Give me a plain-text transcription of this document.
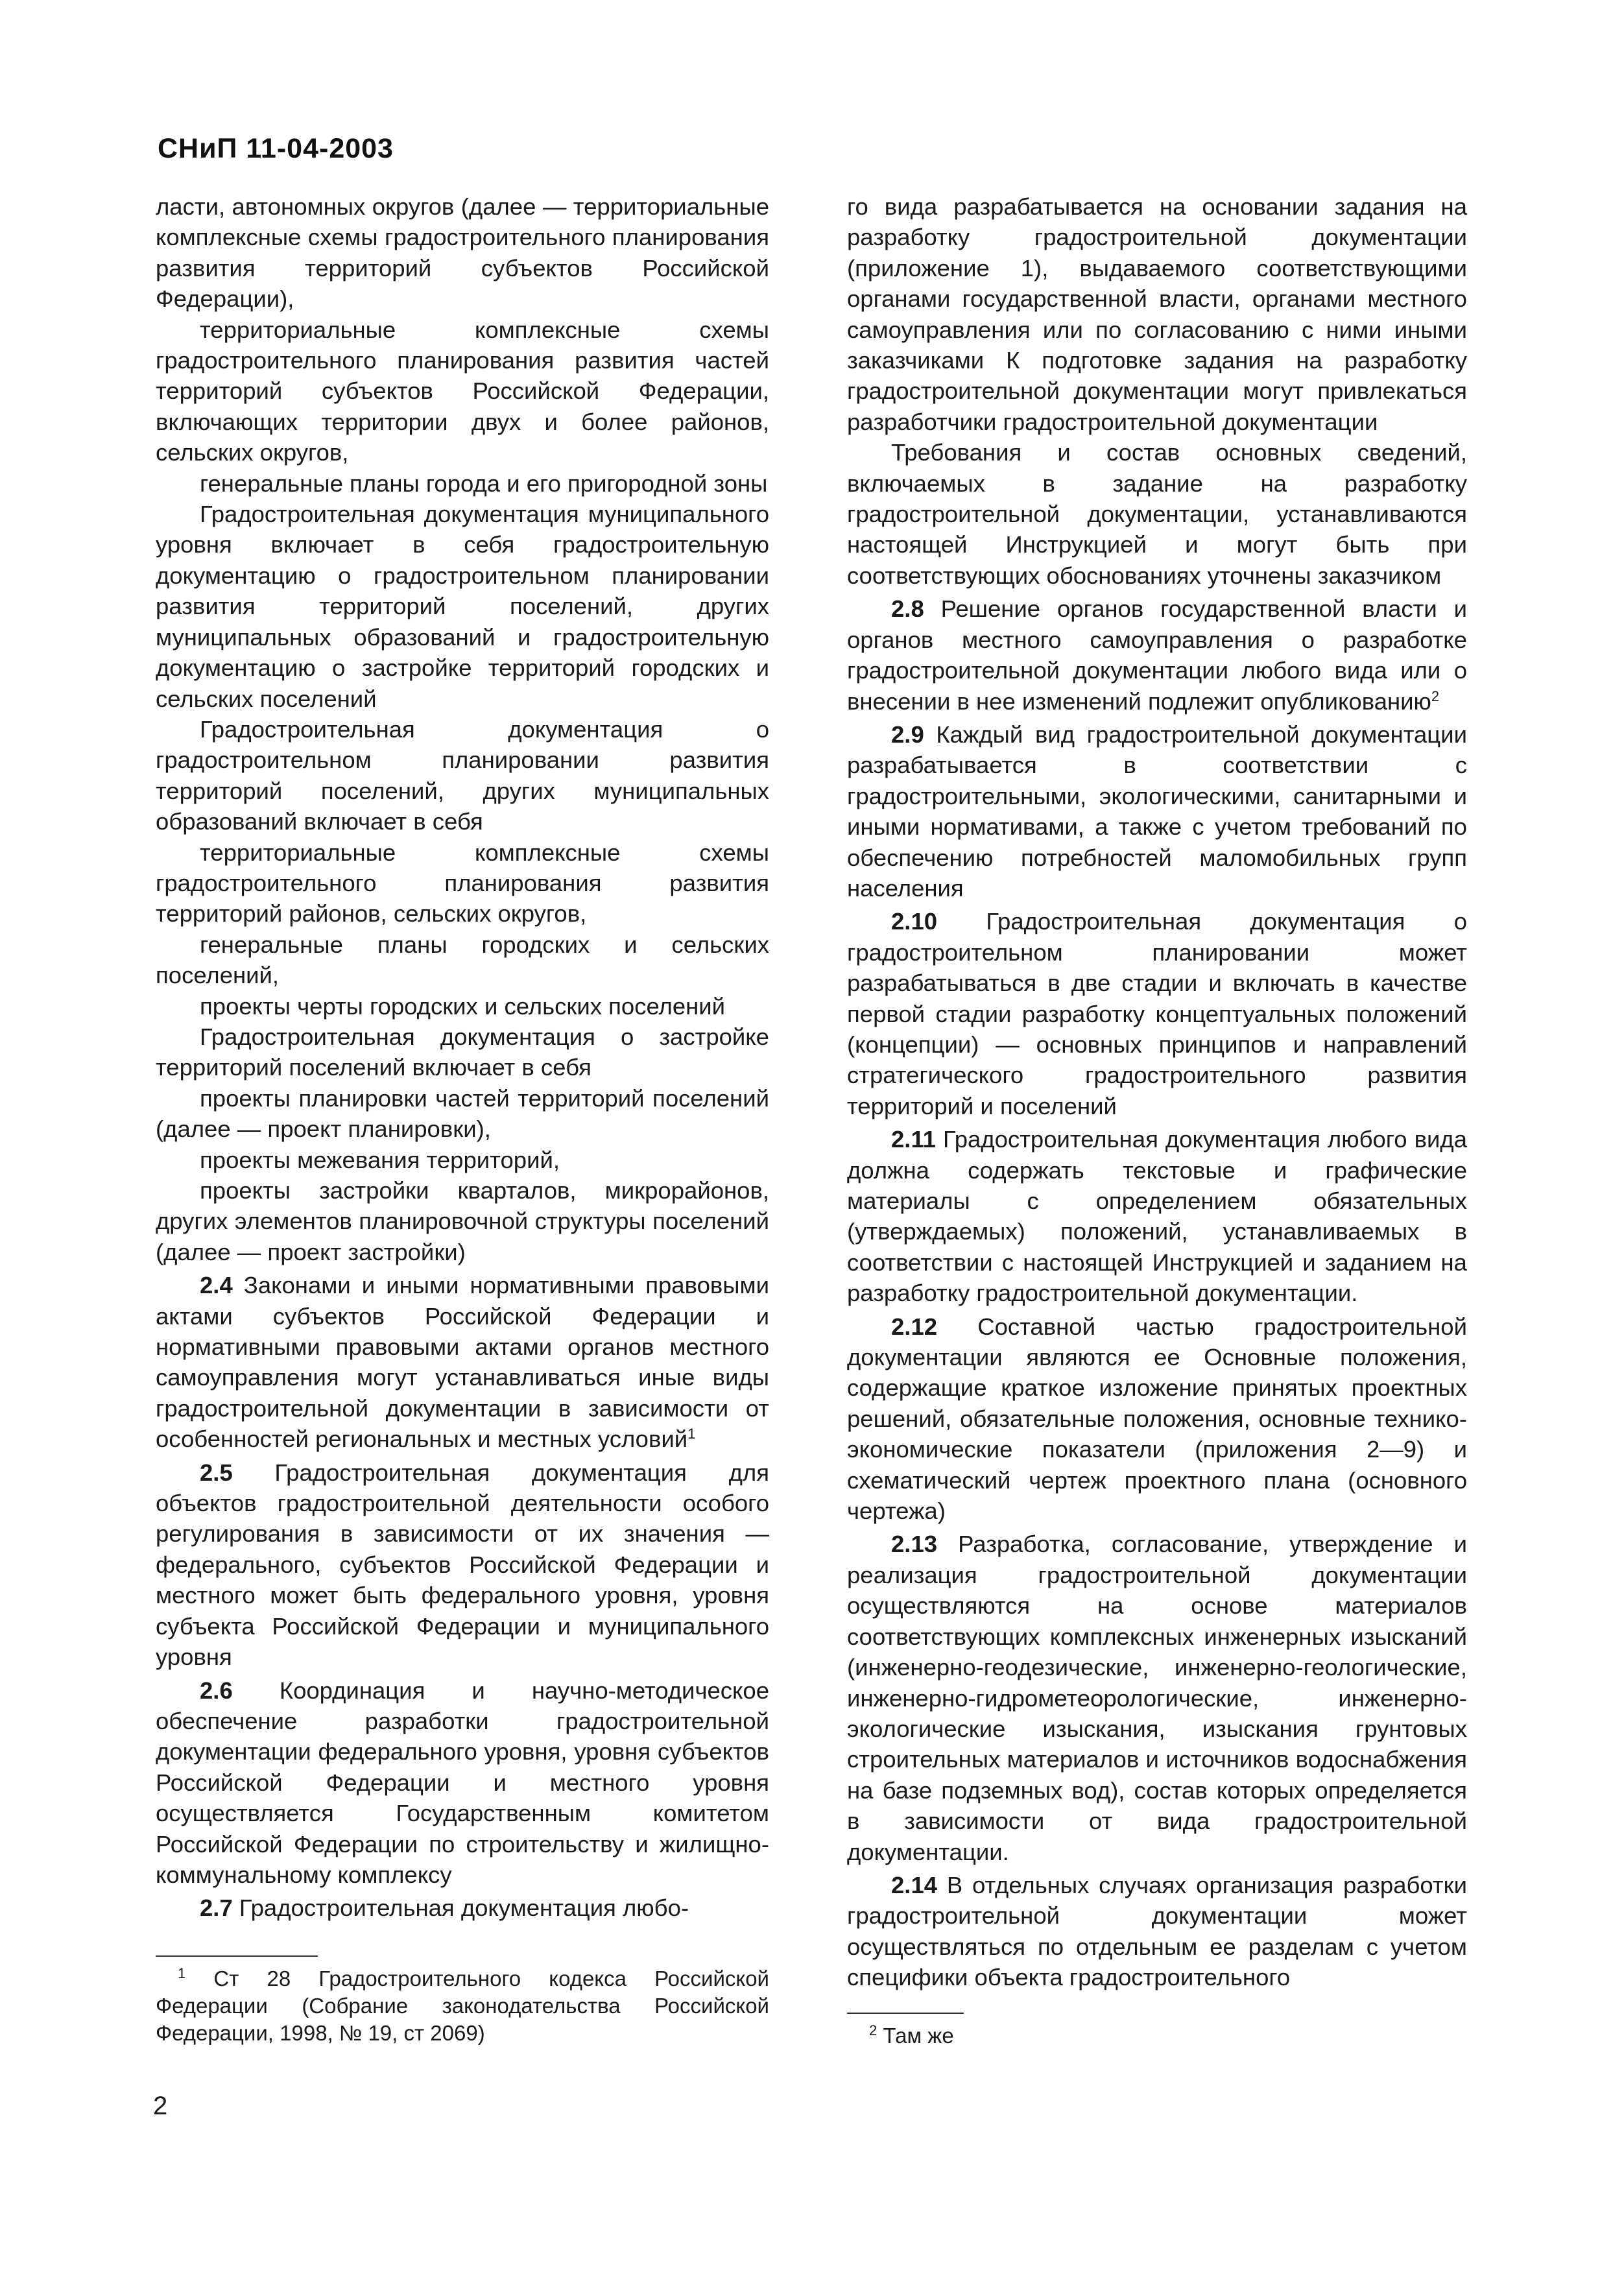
СНиП 11-04-2003

ласти, автономных округов (далее — территориальные комплексные схемы градостроительного планирования развития территорий субъектов Российской Федерации),

территориальные комплексные схемы градостроительного планирования развития частей территорий субъектов Российской Федерации, включающих территории двух и более районов, сельских округов,

генеральные планы города и его пригородной зоны

Градостроительная документация муниципального уровня включает в себя градостроительную документацию о градостроительном планировании развития территорий поселений, других муниципальных образований и градостроительную документацию о застройке территорий городских и сельских поселений

Градостроительная документация о градостроительном планировании развития территорий поселений, других муниципальных образований включает в себя

территориальные комплексные схемы градостроительного планирования развития территорий районов, сельских округов,

генеральные планы городских и сельских поселений,

проекты черты городских и сельских поселений

Градостроительная документация о застройке территорий поселений включает в себя

проекты планировки частей территорий поселений (далее — проект планировки),

проекты межевания территорий,

проекты застройки кварталов, микрорайонов, других элементов планировочной структуры поселений (далее — проект застройки)

2.4 Законами и иными нормативными правовыми актами субъектов Российской Федерации и нормативными правовыми актами органов местного самоуправления могут устанавливаться иные виды градостроительной документации в зависимости от особенностей региональных и местных условий$^1$

2.5 Градостроительная документация для объектов градостроительной деятельности особого регулирования в зависимости от их значения — федерального, субъектов Российской Федерации и местного может быть федерального уровня, уровня субъекта Российской Федерации и муниципального уровня

2.6 Координация и научно-методическое обеспечение разработки градостроительной документации федерального уровня, уровня субъектов Российской Федерации и местного уровня осуществляется Государственным комитетом Российской Федерации по строительству и жилищно-коммунальному комплексу

2.7 Градостроительная документация любо-

го вида разрабатывается на основании задания на разработку градостроительной документации (приложение 1), выдаваемого соответствующими органами государственной власти, органами местного самоуправления или по согласованию с ними иными заказчиками К подготовке задания на разработку градостроительной документации могут привлекаться разработчики градостроительной документации

Требования и состав основных сведений, включаемых в задание на разработку градостроительной документации, устанавливаются настоящей Инструкцией и могут быть при соответствующих обоснованиях уточнены заказчиком

2.8 Решение органов государственной власти и органов местного самоуправления о разработке градостроительной документации любого вида или о внесении в нее изменений подлежит опубликованию$^2$

2.9 Каждый вид градостроительной документации разрабатывается в соответствии с градостроительными, экологическими, санитарными и иными нормативами, а также с учетом требований по обеспечению потребностей маломобильных групп населения

2.10 Градостроительная документация о градостроительном планировании может разрабатываться в две стадии и включать в качестве первой стадии разработку концептуальных положений (концепции) — основных принципов и направлений стратегического градостроительного развития территорий и поселений

2.11 Градостроительная документация любого вида должна содержать текстовые и графические материалы с определением обязательных (утверждаемых) положений, устанавливаемых в соответствии с настоящей Инструкцией и заданием на разработку градостроительной документации.

2.12 Составной частью градостроительной документации являются ее Основные положения, содержащие краткое изложение принятых проектных решений, обязательные положения, основные технико-экономические показатели (приложения 2—9) и схематический чертеж проектного плана (основного чертежа)

2.13 Разработка, согласование, утверждение и реализация градостроительной документации осуществляются на основе материалов соответствующих комплексных инженерных изысканий (инженерно-геодезические, инженерно-геологические, инженерно-гидрометеорологические, инженерно-экологические изыскания, изыскания грунтовых строительных материалов и источников водоснабжения на базе подземных вод), состав которых определяется в зависимости от вида градостроительной документации.

2.14 В отдельных случаях организация разработки градостроительной документации может осуществляться по отдельным ее разделам с учетом специфики объекта градостроительного

$^1$ Ст 28 Градостроительного кодекса Российской Федерации (Собрание законодательства Российской Федерации, 1998, № 19, ст 2069)	$^2$ Там же
2
